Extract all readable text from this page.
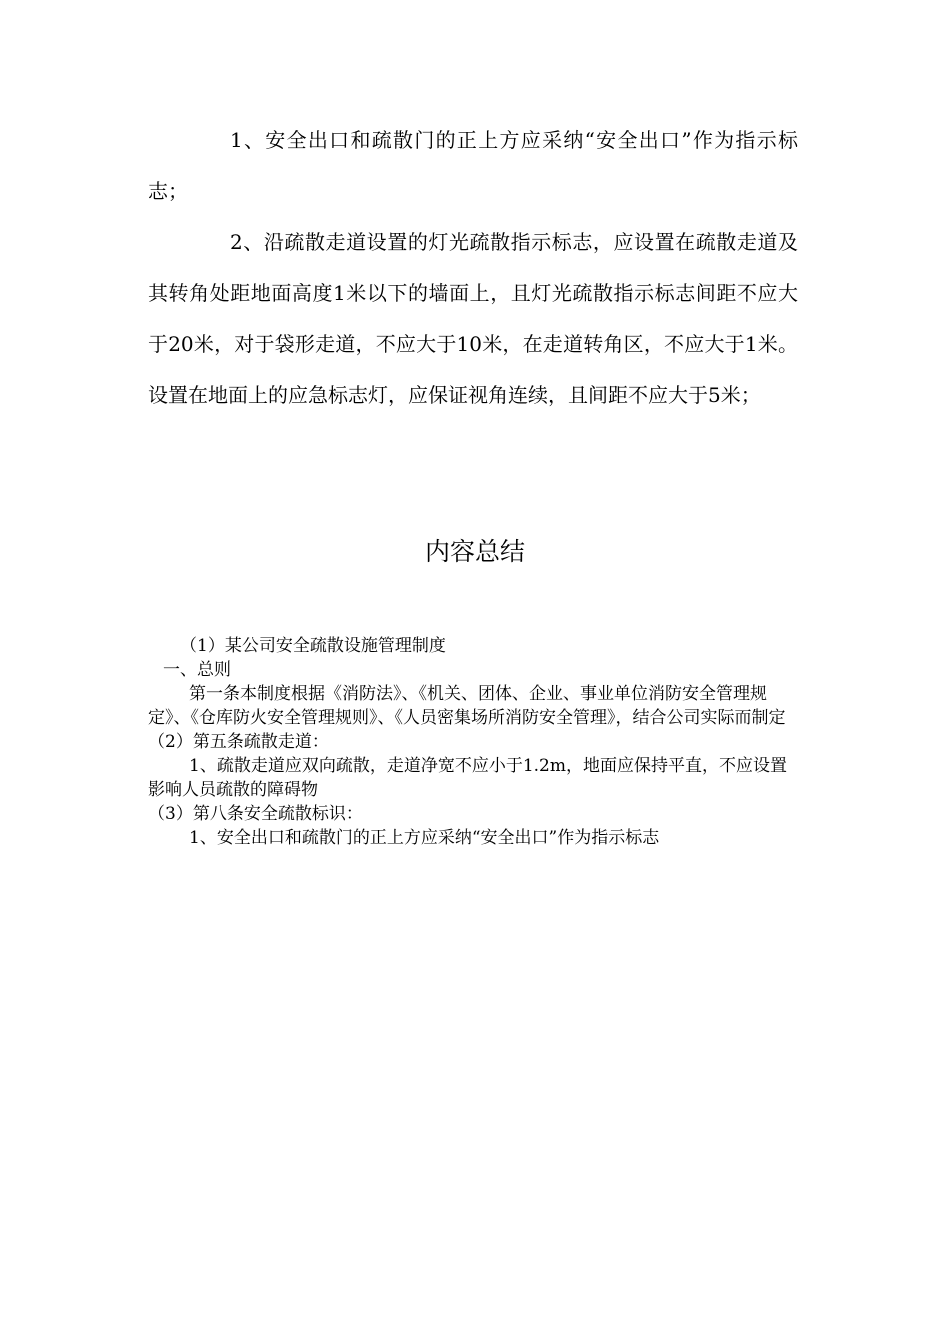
1、安全出口和疏散门的正上方应采纳“安全出口”作为指示标志；

2、沿疏散走道设置的灯光疏散指示标志，应设置在疏散走道及其转角处距地面高度1米以下的墙面上，且灯光疏散指示标志间距不应大于20米，对于袋形走道，不应大于10米，在走道转角区，不应大于1米。设置在地面上的应急标志灯，应保证视角连续，且间距不应大于5米；

内容总结

（1）某公司安全疏散设施管理制度

一、总则

第一条本制度根据《消防法》、《机关、团体、企业、事业单位消防安全管理规定》、《仓库防火安全管理规则》、《人员密集场所消防安全管理》，结合公司实际而制定

（2）第五条疏散走道：

1、疏散走道应双向疏散，走道净宽不应小于1.2m，地面应保持平直，不应设置影响人员疏散的障碍物

（3）第八条安全疏散标识：

1、安全出口和疏散门的正上方应采纳“安全出口”作为指示标志
